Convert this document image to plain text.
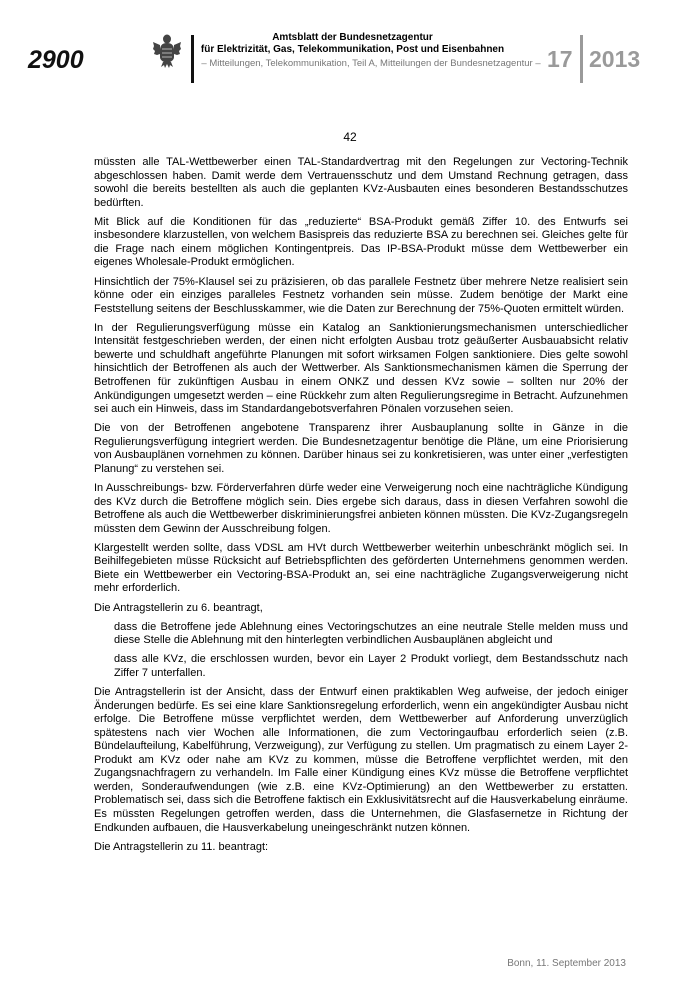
2900
Amtsblatt der Bundesnetzagentur
für Elektrizität, Gas, Telekommunikation, Post und Eisenbahnen
– Mitteilungen, Telekommunikation, Teil A, Mitteilungen der Bundesnetzagentur – 17 2013
42

müssten alle TAL-Wettbewerber einen TAL-Standardvertrag mit den Regelungen zur Vectoring-Technik abgeschlossen haben. Damit werde dem Vertrauensschutz und dem Umstand Rechnung getragen, dass sowohl die bereits bestellten als auch die geplanten KVz-Ausbauten eines besonderen Bestandsschutzes bedürften.

Mit Blick auf die Konditionen für das „reduzierte“ BSA-Produkt gemäß Ziffer 10. des Entwurfs sei insbesondere klarzustellen, von welchem Basispreis das reduzierte BSA zu berechnen sei. Gleiches gelte für die Frage nach einem möglichen Kontingentpreis. Das IP-BSA-Produkt müsse dem Wettbewerber ein eigenes Wholesale-Produkt ermöglichen.

Hinsichtlich der 75%-Klausel sei zu präzisieren, ob das parallele Festnetz über mehrere Netze realisiert sein könne oder ein einziges paralleles Festnetz vorhanden sein müsse. Zudem benötige der Markt eine Feststellung seitens der Beschlusskammer, wie die Daten zur Berechnung der 75%-Quoten ermittelt würden.

In der Regulierungsverfügung müsse ein Katalog an Sanktionierungsmechanismen unterschiedlicher Intensität festgeschrieben werden, der einen nicht erfolgten Ausbau trotz geäußerter Ausbauabsicht relativ bewerte und schuldhaft angeführte Planungen mit sofort wirksamen Folgen sanktioniere. Dies gelte sowohl hinsichtlich der Betroffenen als auch der Wettwerber. Als Sanktionsmechanismen kämen die Sperrung der Betroffenen für zukünftigen Ausbau in einem ONKZ und dessen KVz sowie – sollten nur 20% der Ankündigungen umgesetzt werden – eine Rückkehr zum alten Regulierungsregime in Betracht. Aufzunehmen sei auch ein Hinweis, dass im Standardangebotsverfahren Pönalen vorzusehen seien.

Die von der Betroffenen angebotene Transparenz ihrer Ausbauplanung sollte in Gänze in die Regulierungsverfügung integriert werden. Die Bundesnetzagentur benötige die Pläne, um eine Priorisierung von Ausbauplänen vornehmen zu können. Darüber hinaus sei zu konkretisieren, was unter einer „verfestigten Planung“ zu verstehen sei.

In Ausschreibungs- bzw. Förderverfahren dürfe weder eine Verweigerung noch eine nachträgliche Kündigung des KVz durch die Betroffene möglich sein. Dies ergebe sich daraus, dass in diesen Verfahren sowohl die Betroffene als auch die Wettbewerber diskriminierungsfrei anbieten können müssten. Die KVz-Zugangsregeln müssten dem Gewinn der Ausschreibung folgen.

Klargestellt werden sollte, dass VDSL am HVt durch Wettbewerber weiterhin unbeschränkt möglich sei. In Beihilfegebieten müsse Rücksicht auf Betriebspflichten des geförderten Unternehmens genommen werden. Biete ein Wettbewerber ein Vectoring-BSA-Produkt an, sei eine nachträgliche Zugangsverweigerung nicht mehr erforderlich.

Die Antragstellerin zu 6. beantragt,

dass die Betroffene jede Ablehnung eines Vectoringschutzes an eine neutrale Stelle melden muss und diese Stelle die Ablehnung mit den hinterlegten verbindlichen Ausbauplänen abgleicht und

dass alle KVz, die erschlossen wurden, bevor ein Layer 2 Produkt vorliegt, dem Bestandsschutz nach Ziffer 7 unterfallen.

Die Antragstellerin ist der Ansicht, dass der Entwurf einen praktikablen Weg aufweise, der jedoch einiger Änderungen bedürfe. Es sei eine klare Sanktionsregelung erforderlich, wenn ein angekündigter Ausbau nicht erfolge. Die Betroffene müsse verpflichtet werden, dem Wettbewerber auf Anforderung unverzüglich spätestens nach vier Wochen alle Informationen, die zum Vectoringaufbau erforderlich seien (z.B. Bündelaufteilung, Kabelführung, Verzweigung), zur Verfügung zu stellen. Um pragmatisch zu einem Layer 2-Produkt am KVz oder nahe am KVz zu kommen, müsse die Betroffene verpflichtet werden, mit den Zugangsnachfragern zu verhandeln. Im Falle einer Kündigung eines KVz müsse die Betroffene verpflichtet werden, Sonderaufwendungen (wie z.B. eine KVz-Optimierung) an den Wettbewerber zu erstatten. Problematisch sei, dass sich die Betroffene faktisch ein Exklusivitätsrecht auf die Hausverkabelung einräume. Es müssten Regelungen getroffen werden, dass die Unternehmen, die Glasfasernetze in Richtung der Endkunden aufbauen, die Hausverkabelung uneingeschränkt nutzen können.

Die Antragstellerin zu 11. beantragt:

Bonn, 11. September 2013
